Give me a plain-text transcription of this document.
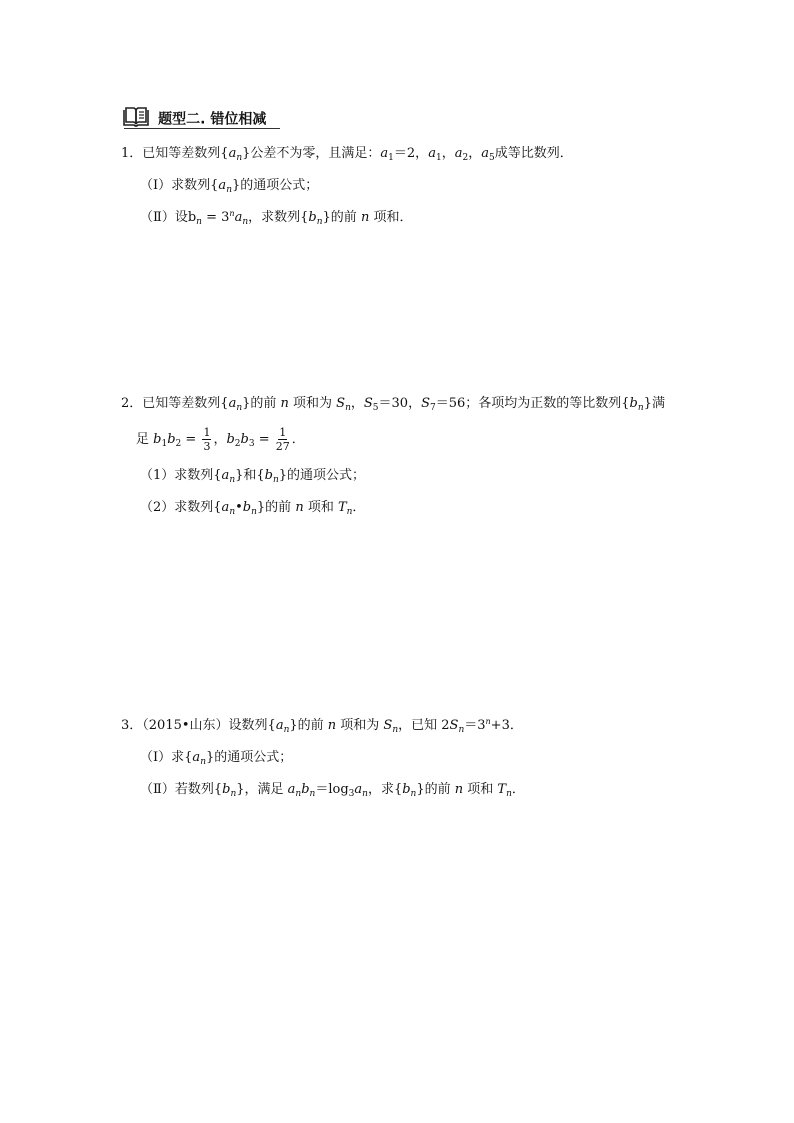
题型二. 错位相减
1．已知等差数列$\{a_n\}$公差不为零，且满足：$a_1=2$，$a_1$，$a_2$，$a_5$成等比数列．
（Ⅰ）求数列$\{a_n\}$的通项公式；
（Ⅱ）设$b_n = 3^na_n$，求数列$\{b_n\}$的前 n 项和．
2．已知等差数列$\{a_n\}$的前 n 项和为 $S_n$，$S_5=30$，$S_7=56$；各项均为正数的等比数列$\{b_n\}$满
足 $b_1b_2 = \frac{1}{3}$ ，$b_2b_3 = \frac{1}{27}$ ．
（1）求数列$\{a_n\}$和$\{b_n\}$的通项公式；
（2）求数列$\{a_n•b_n\}$的前 n 项和 $T_n$．
3．（2015•山东）设数列$\{a_n\}$的前 n 项和为 $S_n$，已知 $2S_n=3^n+3$．
（Ⅰ）求$\{a_n\}$的通项公式；
（Ⅱ）若数列$\{b_n\}$，满足 $a_nb_n=\log_3a_n$，求$\{b_n\}$的前 n 项和 $T_n$．
